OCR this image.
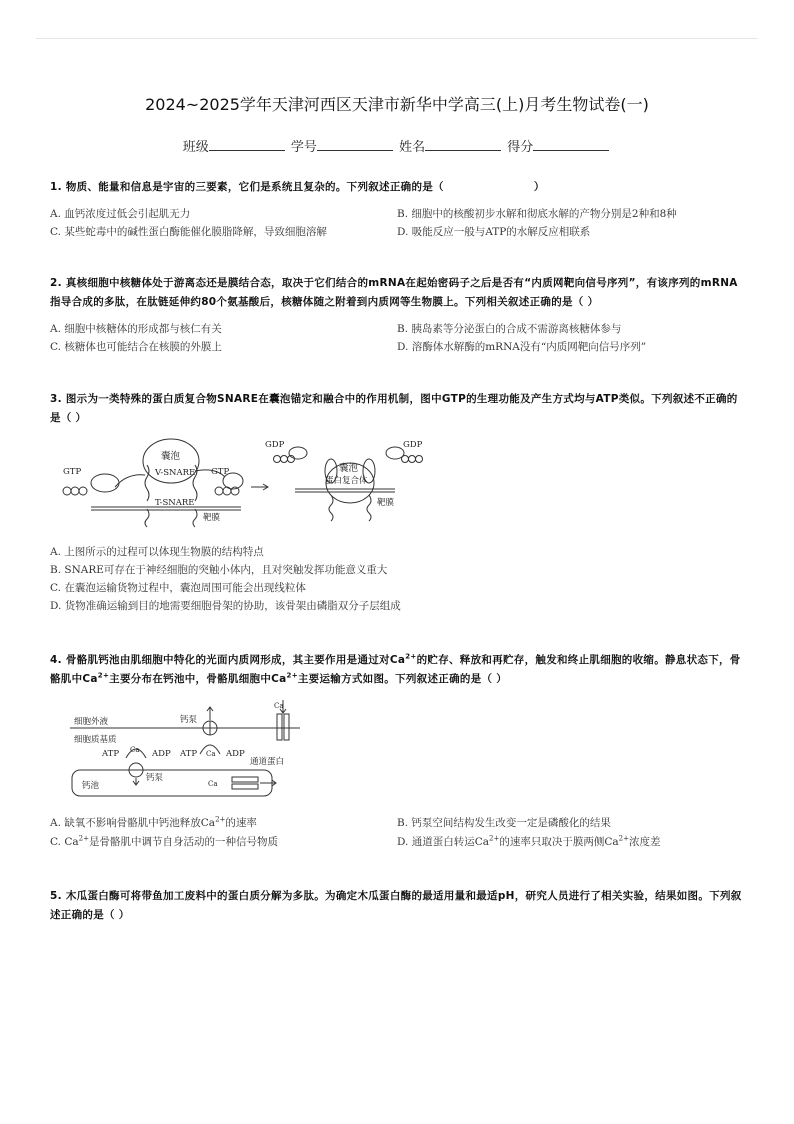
2024~2025学年天津河西区天津市新华中学高三(上)月考生物试卷(一)
班级	学号	姓名	得分
1. 物质、能量和信息是宇宙的三要素，它们是系统且复杂的。下列叙述正确的是（	）
A. 血钙浓度过低会引起肌无力	B. 细胞中的核酸初步水解和彻底水解的产物分别是2种和8种
C. 某些蛇毒中的碱性蛋白酶能催化膜脂降解，导致细胞溶解	D. 吸能反应一般与ATP的水解反应相联系
2. 真核细胞中核糖体处于游离态还是膜结合态，取决于它们结合的mRNA在起始密码子之后是否有“内质网靶向信号序列”，有该序列的mRNA指导合成的多肽，在肽链延伸约80个氨基酸后，核糖体随之附着到内质网等生物膜上。下列相关叙述正确的是（ ）
A. 细胞中核糖体的形成都与核仁有关	B. 胰岛素等分泌蛋白的合成不需游离核糖体参与
C. 核糖体也可能结合在核膜的外膜上	D. 溶酶体水解酶的mRNA没有“内质网靶向信号序列”
3. 图示为一类特殊的蛋白质复合物SNARE在囊泡锚定和融合中的作用机制，图中GTP的生理功能及产生方式均与ATP类似。下列叙述不正确的是（ ）
GTP	GTP
囊泡
V-SNARE
T-SNARE
靶膜
GDP	GDP
囊泡
蛋白复合体
靶膜
A. 上图所示的过程可以体现生物膜的结构特点
B. SNARE可存在于神经细胞的突触小体内，且对突触发挥功能意义重大
C. 在囊泡运输货物过程中，囊泡周围可能会出现线粒体
D. 货物准确运输到目的地需要细胞骨架的协助，该骨架由磷脂双分子层组成
4. 骨骼肌钙池由肌细胞中特化的光面内质网形成，其主要作用是通过对$Ca^{2+}$的贮存、释放和再贮存，触发和终止肌细胞的收缩。静息状态下，骨骼肌中$Ca^{2+}$主要分布在钙池中，骨骼肌细胞中$Ca^{2+}$主要运输方式如图。下列叙述正确的是（ ）
细胞外液
细胞质基质
钙泵
Ca
ATP Ca ADP ATP Ca ADP
钙池
钙泵
通道蛋白
Ca
A. 缺氧不影响骨骼肌中钙池释放$Ca^{2+}$的速率	B. 钙泵空间结构发生改变一定是磷酸化的结果
C. $Ca^{2+}$是骨骼肌中调节自身活动的一种信号物质	D. 通道蛋白转运$Ca^{2+}$的速率只取决于膜两侧$Ca^{2+}$浓度差
5. 木瓜蛋白酶可将带鱼加工废料中的蛋白质分解为多肽。为确定木瓜蛋白酶的最适用量和最适pH，研究人员进行了相关实验，结果如图。下列叙述正确的是（ ）
